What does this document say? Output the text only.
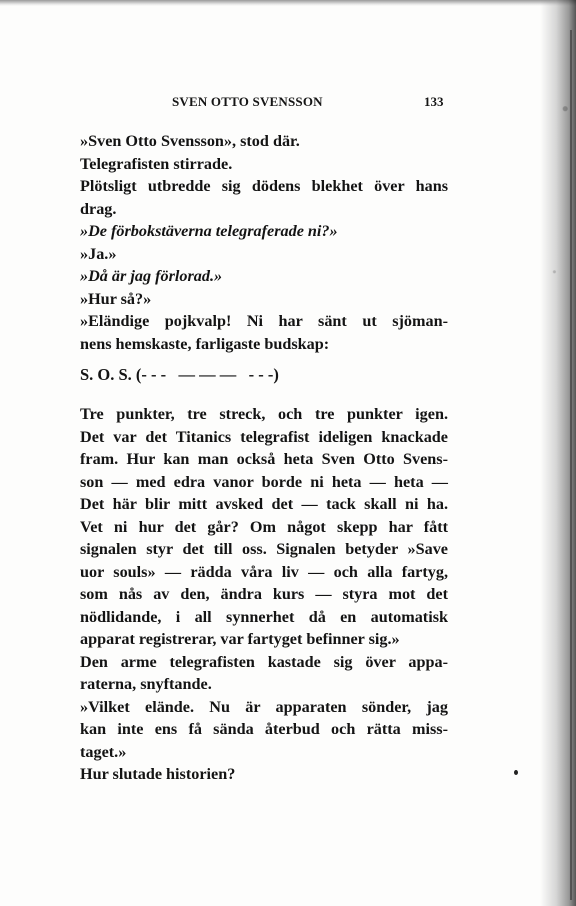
SVEN OTTO SVENSSON	133
»Sven Otto Svensson», stod där.
Telegrafisten stirrade.
Plötsligt utbredde sig dödens blekhet över hans
drag.
»De förbokstäverna telegraferade ni?»
»Ja.»
»Då är jag förlorad.»
»Hur så?»
»Eländige pojkvalp! Ni har sänt ut sjöman-
nens hemskaste, farligaste budskap:
S. O. S. (- - -   — — —   - - -)
Tre punkter, tre streck, och tre punkter igen.
Det var det Titanics telegrafist ideligen knackade
fram. Hur kan man också heta Sven Otto Svens-
son — med edra vanor borde ni heta — heta —
Det här blir mitt avsked det — tack skall ni ha.
Vet ni hur det går? Om något skepp har fått
signalen styr det till oss. Signalen betyder »Save
uor souls» — rädda våra liv — och alla fartyg,
som nås av den, ändra kurs — styra mot det
nödlidande, i all synnerhet då en automatisk
apparat registrerar, var fartyget befinner sig.»
Den arme telegrafisten kastade sig över appa-
raterna, snyftande.
»Vilket elände. Nu är apparaten sönder, jag
kan inte ens få sända återbud och rätta miss-
taget.»
Hur slutade historien?
